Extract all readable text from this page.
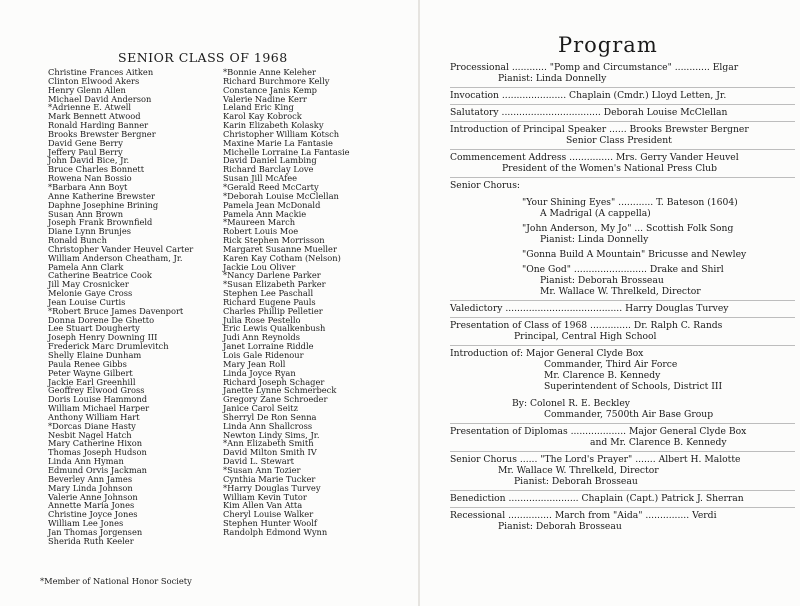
SENIOR CLASS OF 1968
Christine Frances Aitken
Clinton Elwood Akers
Henry Glenn Allen
Michael David Anderson
*Adrienne E. Atwell
Mark Bennett Atwood
Ronald Harding Banner
Brooks Brewster Bergner
David Gene Berry
Jeffery Paul Berry
John David Bice, Jr.
Bruce Charles Bonnett
Rowena Nan Bossio
*Barbara Ann Boyt
Anne Katherine Brewster
Daphne Josephine Brining
Susan Ann Brown
Joseph Frank Brownfield
Diane Lynn Brunjes
Ronald Bunch
Christopher Vander Heuvel Carter
William Anderson Cheatham, Jr.
Pamela Ann Clark
Catherine Beatrice Cook
Jill May Crosnicker
Melonie Gaye Cross
Jean Louise Curtis
*Robert Bruce James Davenport
Donna Dorene De Ghetto
Lee Stuart Dougherty
Joseph Henry Downing III
Frederick Marc Drumlevitch
Shelly Elaine Dunham
Paula Renee Gibbs
Peter Wayne Gilbert
Jackie Earl Greenhill
Geoffrey Elwood Gross
Doris Louise Hammond
William Michael Harper
Anthony William Hart
*Dorcas Diane Hasty
Nesbit Nagel Hatch
Mary Catherine Hixon
Thomas Joseph Hudson
Linda Ann Hyman
Edmund Orvis Jackman
Beverley Ann James
Mary Linda Johnson
Valerie Anne Johnson
Annette Maria Jones
Christine Joyce Jones
William Lee Jones
Jan Thomas Jorgensen
Sherida Ruth Keeler
*Bonnie Anne Keleher
Richard Burchmore Kelly
Constance Janis Kemp
Valerie Nadine Kerr
Leland Eric King
Karol Kay Kobrock
Karin Elizabeth Kolasky
Christopher William Kotsch
Maxine Marie La Fantasie
Michelle Lorraine La Fantasie
David Daniel Lambing
Richard Barclay Love
Susan Jill McAfee
*Gerald Reed McCarty
*Deborah Louise McClellan
Pamela Jean McDonald
Pamela Ann Mackie
*Maureen March
Robert Louis Moe
Rick Stephen Morrisson
Margaret Susanne Mueller
Karen Kay Cotham (Nelson)
Jackie Lou Oliver
*Nancy Darlene Parker
*Susan Elizabeth Parker
Stephen Lee Paschall
Richard Eugene Pauls
Charles Phillip Pelletier
Julia Rose Pestello
Eric Lewis Qualkenbush
Judi Ann Reynolds
Janet Lorraine Riddle
Lois Gale Ridenour
Mary Jean Roll
Linda Joyce Ryan
Richard Joseph Schager
Janette Lynne Schmerbeck
Gregory Zane Schroeder
Janice Carol Seitz
Sherryl De Ron Senna
Linda Ann Shallcross
Newton Lindy Sims, Jr.
*Ann Elizabeth Smith
David Milton Smith IV
David L. Stewart
*Susan Ann Tozier
Cynthia Marie Tucker
*Harry Douglas Turvey
William Kevin Tutor
Kim Allen Van Atta
Cheryl Louise Walker
Stephen Hunter Woolf
Randolph Edmond Wynn
*Member of National Honor Society
Program
Processional ............ "Pomp and Circumstance" ............ Elgar
Pianist: Linda Donnelly
Invocation ...................... Chaplain (Cmdr.) Lloyd Letten, Jr.
Salutatory .................................. Deborah Louise McClellan
Introduction of Principal Speaker ...... Brooks Brewster Bergner
Senior Class President
Commencement Address ............... Mrs. Gerry Vander Heuvel
President of the Women's National Press Club
Senior Chorus:
"Your Shining Eyes" ............ T. Bateson (1604)
A Madrigal (A cappella)
"John Anderson, My Jo" ... Scottish Folk Song
Pianist: Linda Donnelly
"Gonna Build A Mountain" Bricusse and Newley
"One God" ......................... Drake and Shirl
Pianist: Deborah Brosseau
Mr. Wallace W. Threlkeld, Director
Valedictory ........................................ Harry Douglas Turvey
Presentation of Class of 1968 .............. Dr. Ralph C. Rands
Principal, Central High School
Introduction of: Major General Clyde Box
Commander, Third Air Force
Mr. Clarence B. Kennedy
Superintendent of Schools, District III
By: Colonel R. E. Beckley
Commander, 7500th Air Base Group
Presentation of Diplomas ................... Major General Clyde Box
and Mr. Clarence B. Kennedy
Senior Chorus ...... "The Lord's Prayer" ....... Albert H. Malotte
Mr. Wallace W. Threlkeld, Director
Pianist: Deborah Brosseau
Benediction ........................ Chaplain (Capt.) Patrick J. Sherran
Recessional ............... March from "Aida" ............... Verdi
Pianist: Deborah Brosseau
